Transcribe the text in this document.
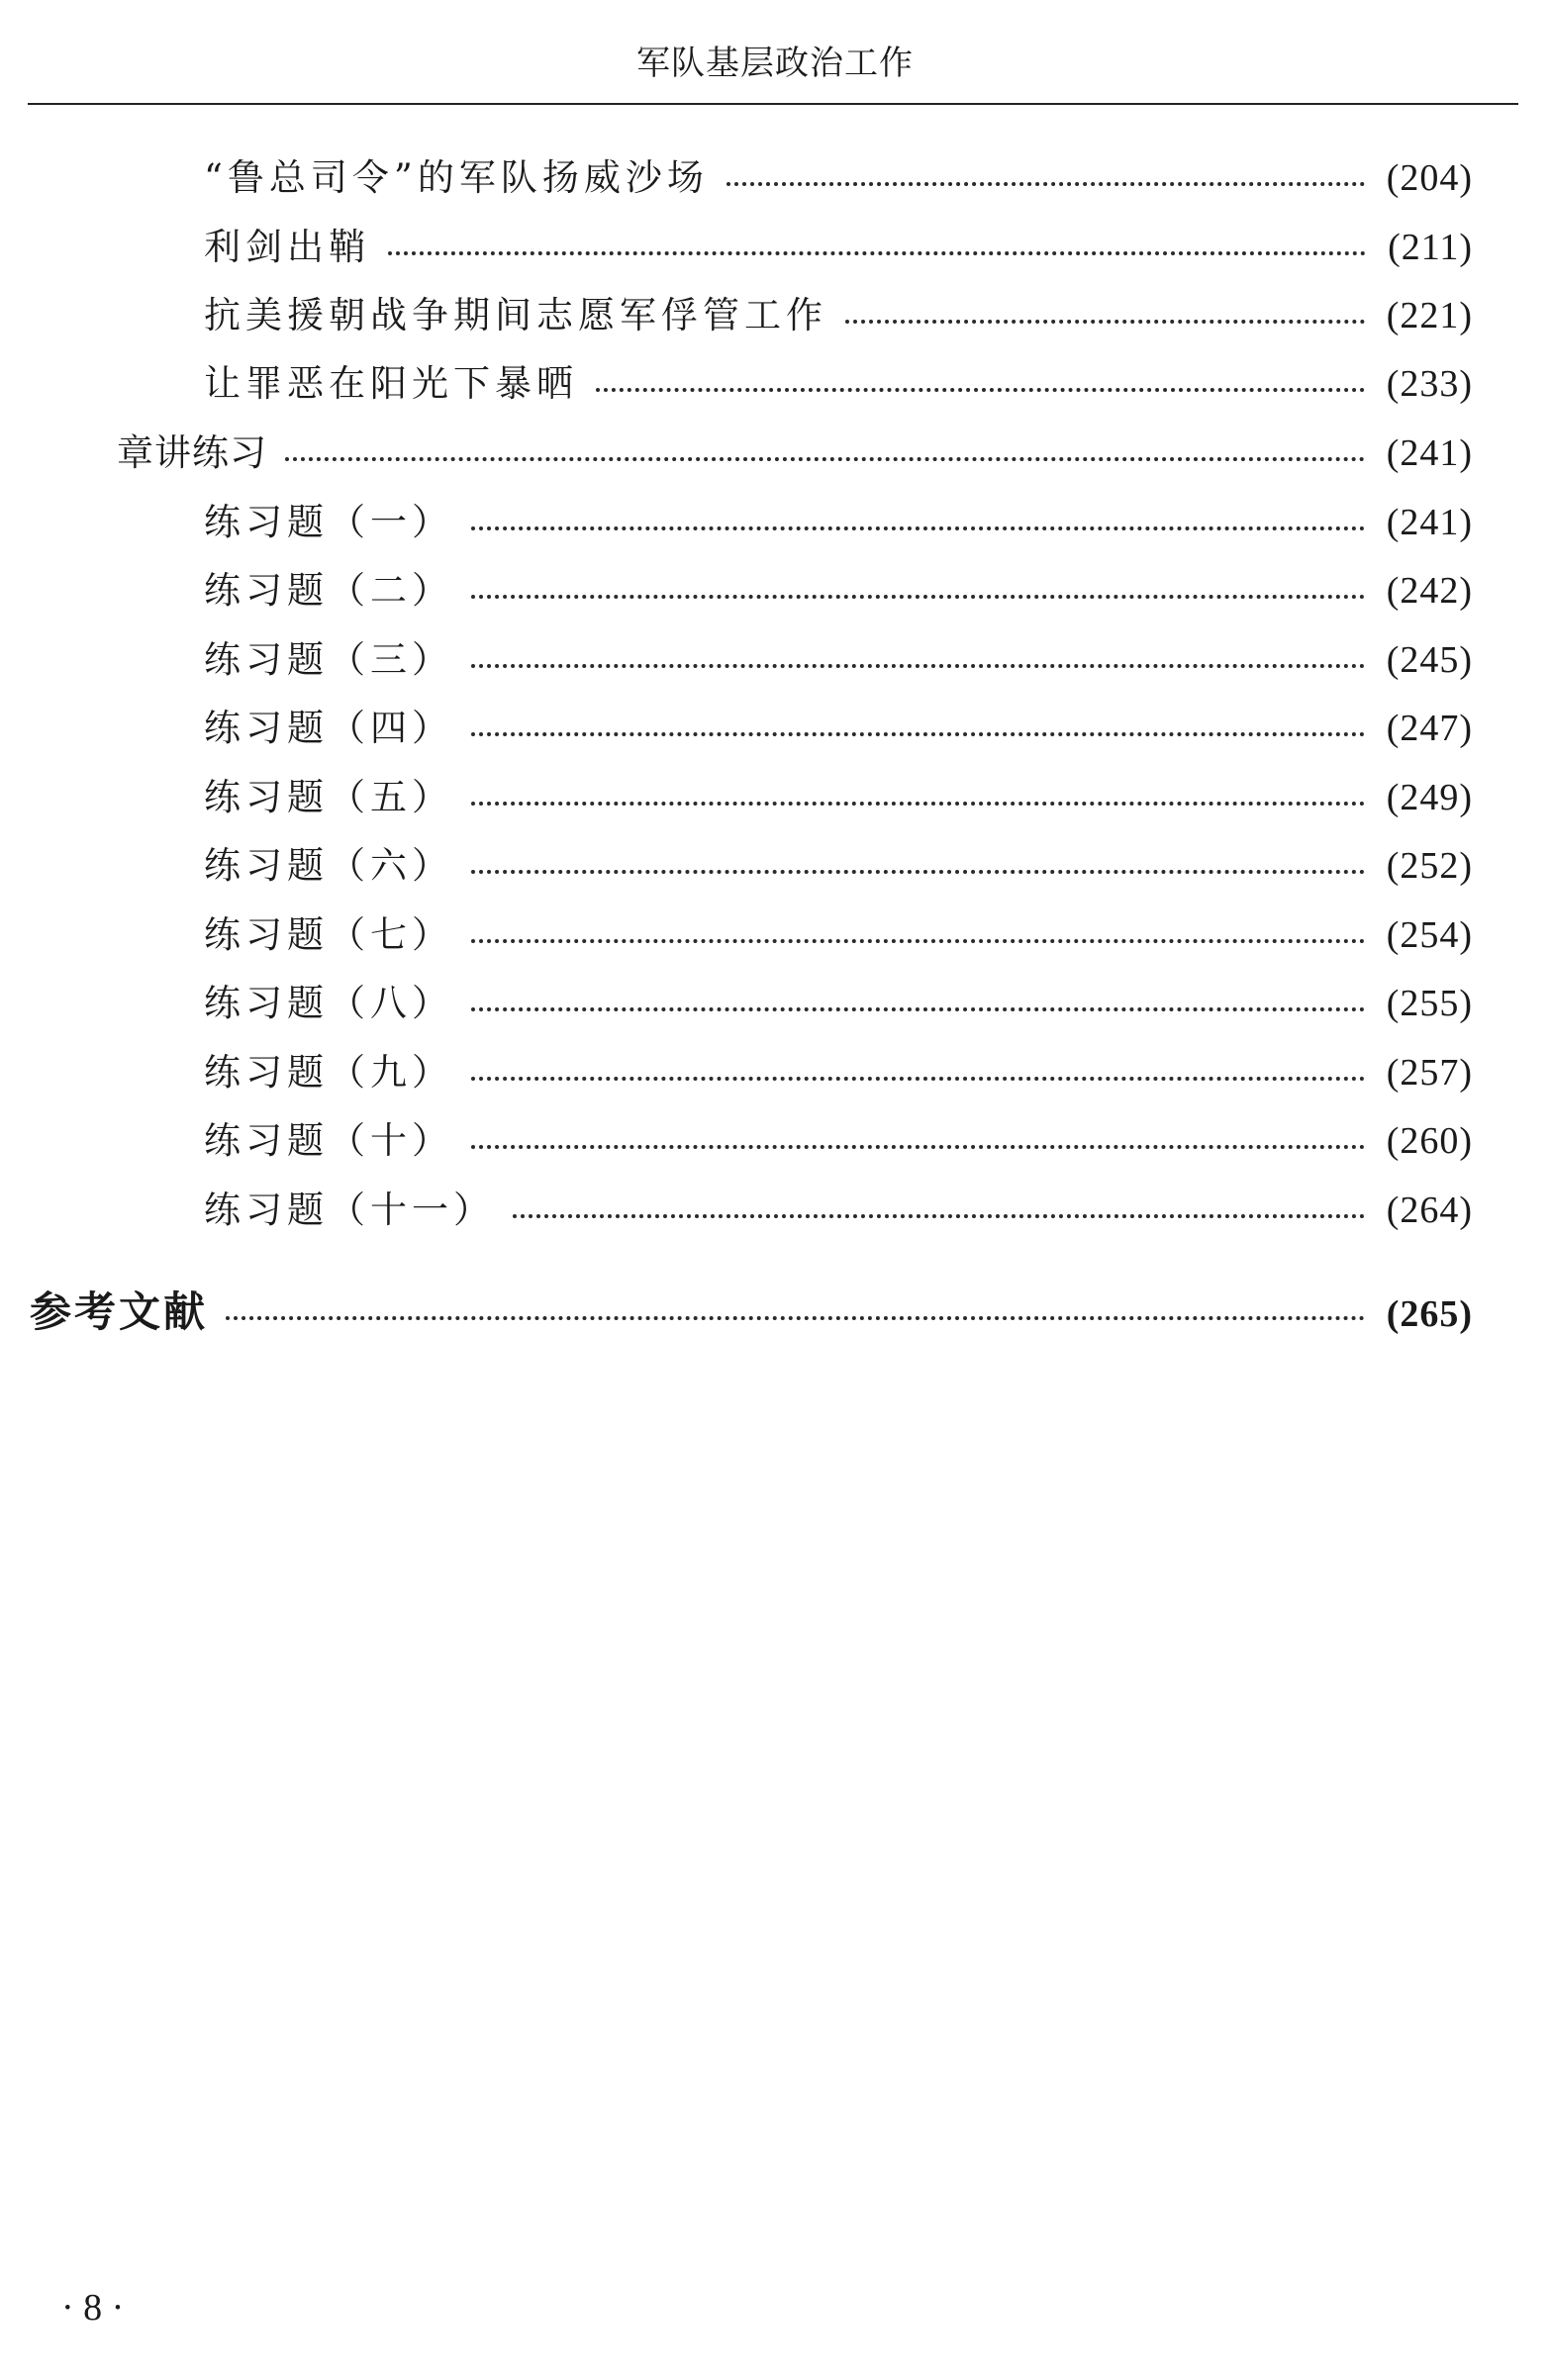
军队基层政治工作
“鲁总司令”的军队扬威沙场	(204)
利剑出鞘	(211)
抗美援朝战争期间志愿军俘管工作	(221)
让罪恶在阳光下暴晒	(233)
章讲练习	(241)
练习题（一）	(241)
练习题（二）	(242)
练习题（三）	(245)
练习题（四）	(247)
练习题（五）	(249)
练习题（六）	(252)
练习题（七）	(254)
练习题（八）	(255)
练习题（九）	(257)
练习题（十）	(260)
练习题（十一）	(264)
参考文献	(265)
· 8 ·
